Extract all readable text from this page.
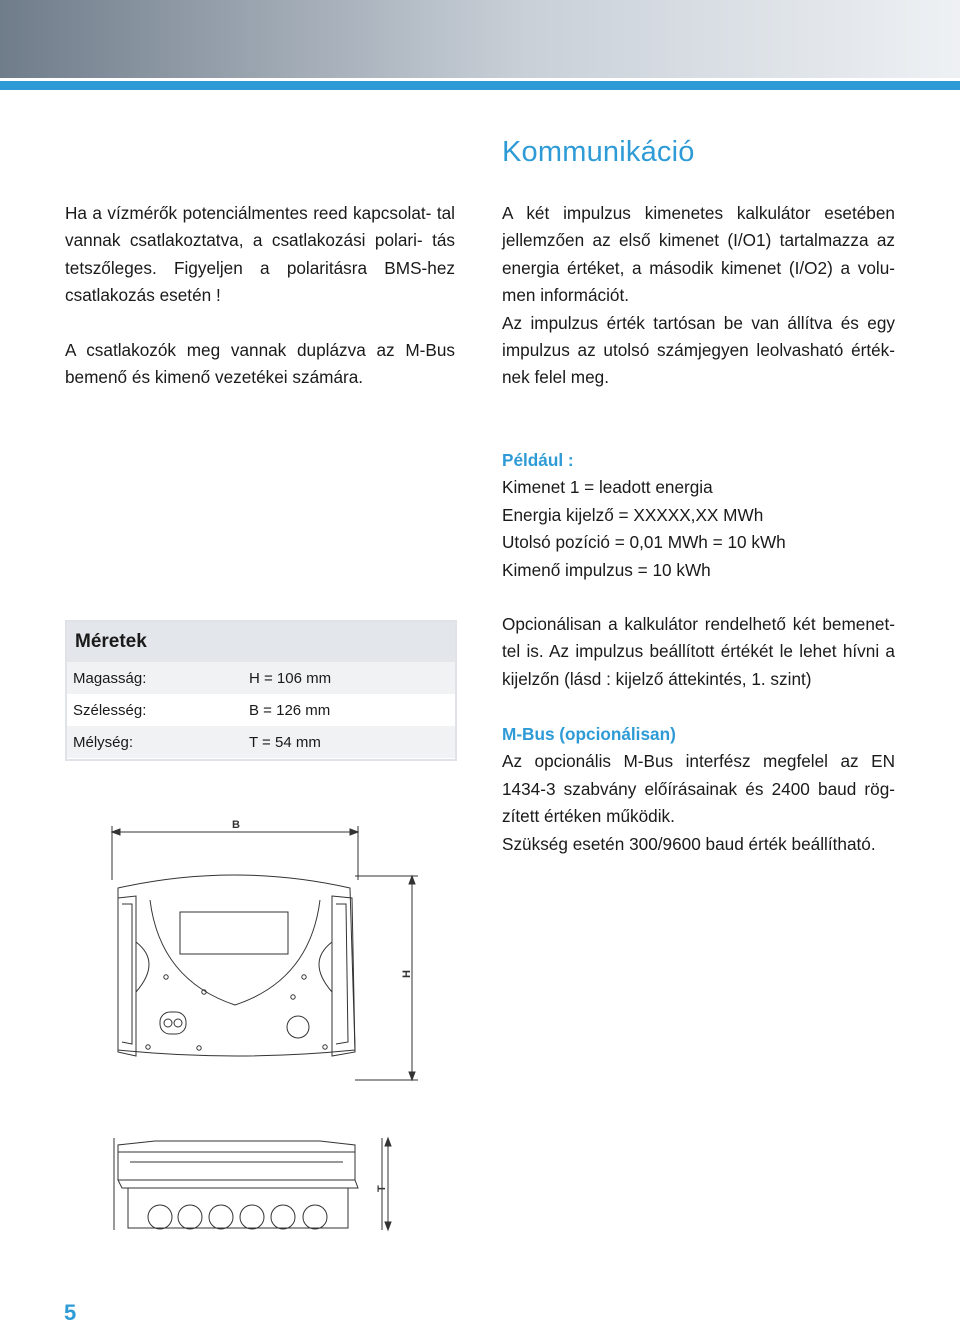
Kommunikáció

Ha a vízmérők potenciálmentes reed kapcsolat- tal vannak csatlakoztatva, a csatlakozási polari- tás tetszőleges. Figyeljen a polaritásra BMS-hez csatlakozás esetén !

A csatlakozók meg vannak duplázva az M-Bus bemenő és kimenő vezetékei számára.

A két impulzus kimenetes kalkulátor esetében jellemzően az első kimenet (I/O1) tartalmazza az energia értéket, a második kimenet (I/O2) a volu- men információt.

Az impulzus érték tartósan be van állítva és egy impulzus az utolsó számjegyen leolvasható érték- nek felel meg.

Például :

Kimenet 1 = leadott energia

Energia kijelző = XXXXX,XX MWh

Utolsó pozíció = 0,01 MWh = 10 kWh

Kimenő impulzus = 10 kWh

Opcionálisan a kalkulátor rendelhető két bemenet- tel is. Az impulzus beállított értékét le lehet hívni a kijelzőn (lásd : kijelző áttekintés, 1. szint)

M-Bus (opcionálisan)

Az opcionális M-Bus interfész megfelel az EN 1434-3 szabvány előírásainak és 2400 baud rög- zített értéken működik.

Szükség esetén 300/9600 baud érték beállítható.

Méretek
Magasság:	H = 106 mm
Szélesség:	B = 126 mm
Mélység:	T = 54 mm
B
H
T
5
